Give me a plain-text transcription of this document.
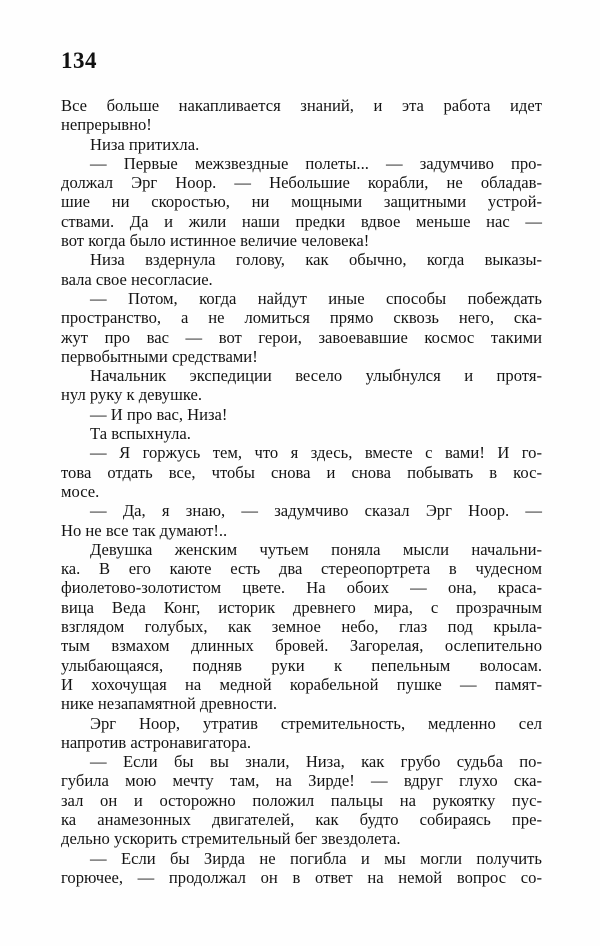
134
Все больше накапливается знаний, и эта работа идет
непрерывно!
Низа притихла.
— Первые межзвездные полеты... — задумчиво про-
должал Эрг Ноор. — Небольшие корабли, не обладав-
шие ни скоростью, ни мощными защитными устрой-
ствами. Да и жили наши предки вдвое меньше нас —
вот когда было истинное величие человека!
Низа вздернула голову, как обычно, когда выказы-
вала свое несогласие.
— Потом, когда найдут иные способы побеждать
пространство, а не ломиться прямо сквозь него, ска-
жут про вас — вот герои, завоевавшие космос такими
первобытными средствами!
Начальник экспедиции весело улыбнулся и протя-
нул руку к девушке.
— И про вас, Низа!
Та вспыхнула.
— Я горжусь тем, что я здесь, вместе с вами! И го-
това отдать все, чтобы снова и снова побывать в кос-
мосе.
— Да, я знаю, — задумчиво сказал Эрг Ноор. —
Но не все так думают!..
Девушка женским чутьем поняла мысли начальни-
ка. В его каюте есть два стереопортрета в чудесном
фиолетово-золотистом цвете. На обоих — она, краса-
вица Веда Конг, историк древнего мира, с прозрачным
взглядом голубых, как земное небо, глаз под крыла-
тым взмахом длинных бровей. Загорелая, ослепительно
улыбающаяся, подняв руки к пепельным волосам.
И хохочущая на медной корабельной пушке — памят-
нике незапамятной древности.
Эрг Ноор, утратив стремительность, медленно сел
напротив астронавигатора.
— Если бы вы знали, Низа, как грубо судьба по-
губила мою мечту там, на Зирде! — вдруг глухо ска-
зал он и осторожно положил пальцы на рукоятку пус-
ка анамезонных двигателей, как будто собираясь пре-
дельно ускорить стремительный бег звездолета.
— Если бы Зирда не погибла и мы могли получить
горючее, — продолжал он в ответ на немой вопрос со-
